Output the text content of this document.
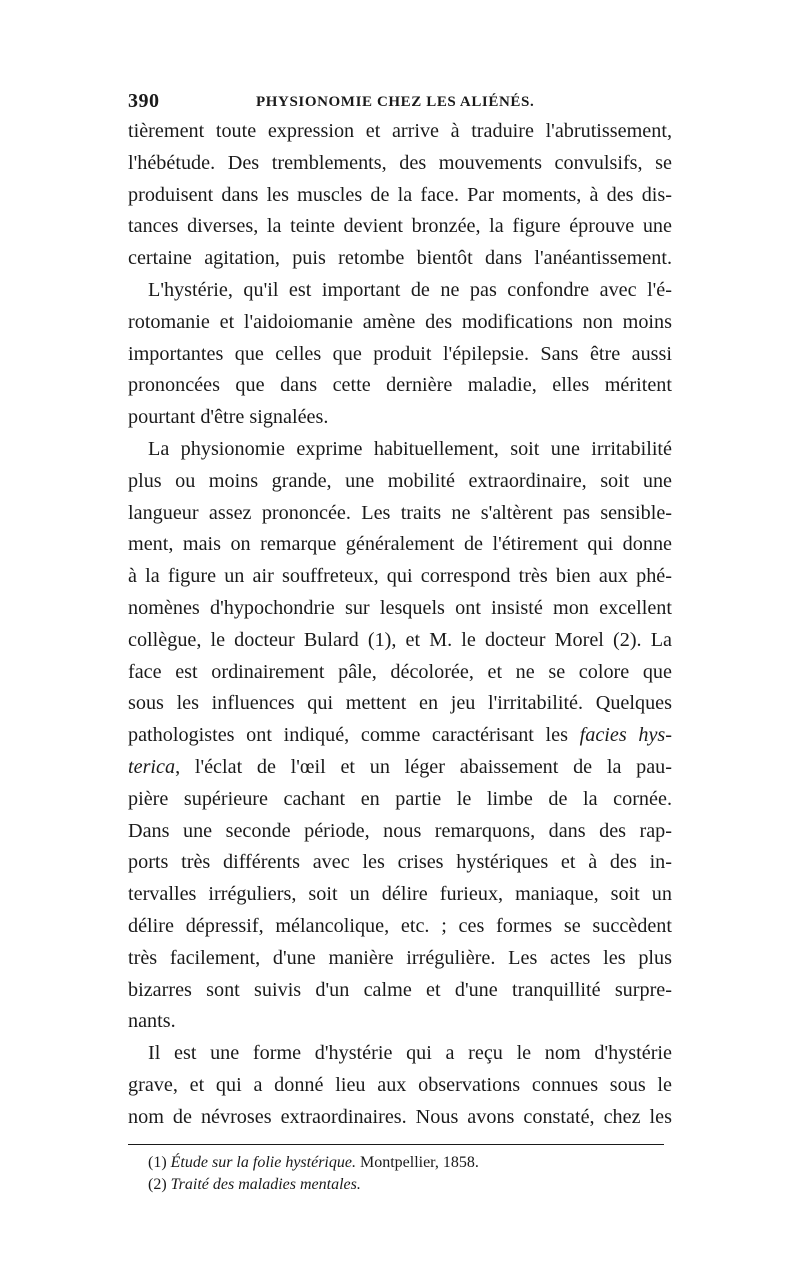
390	PHYSIONOMIE CHEZ LES ALIÉNÉS.
tièrement toute expression et arrive à traduire l'abrutissement,
l'hébétude. Des tremblements, des mouvements convulsifs, se
produisent dans les muscles de la face. Par moments, à des dis-
tances diverses, la teinte devient bronzée, la figure éprouve une
certaine agitation, puis retombe bientôt dans l'anéantissement.
L'hystérie, qu'il est important de ne pas confondre avec l'é-
rotomanie et l'aidoiomanie amène des modifications non moins
importantes que celles que produit l'épilepsie. Sans être aussi
prononcées que dans cette dernière maladie, elles méritent
pourtant d'être signalées.
La physionomie exprime habituellement, soit une irritabilité
plus ou moins grande, une mobilité extraordinaire, soit une
langueur assez prononcée. Les traits ne s'altèrent pas sensible-
ment, mais on remarque généralement de l'étirement qui donne
à la figure un air souffreteux, qui correspond très bien aux phé-
nomènes d'hypochondrie sur lesquels ont insisté mon excellent
collègue, le docteur Bulard (1), et M. le docteur Morel (2). La
face est ordinairement pâle, décolorée, et ne se colore que
sous les influences qui mettent en jeu l'irritabilité. Quelques
pathologistes ont indiqué, comme caractérisant les facies hys-
terica, l'éclat de l'œil et un léger abaissement de la pau-
pière supérieure cachant en partie le limbe de la cornée.
Dans une seconde période, nous remarquons, dans des rap-
ports très différents avec les crises hystériques et à des in-
tervalles irréguliers, soit un délire furieux, maniaque, soit un
délire dépressif, mélancolique, etc. ; ces formes se succèdent
très facilement, d'une manière irrégulière. Les actes les plus
bizarres sont suivis d'un calme et d'une tranquillité surpre-
nants.
Il est une forme d'hystérie qui a reçu le nom d'hystérie
grave, et qui a donné lieu aux observations connues sous le
nom de névroses extraordinaires. Nous avons constaté, chez les
(1) Étude sur la folie hystérique. Montpellier, 1858.
(2) Traité des maladies mentales.
